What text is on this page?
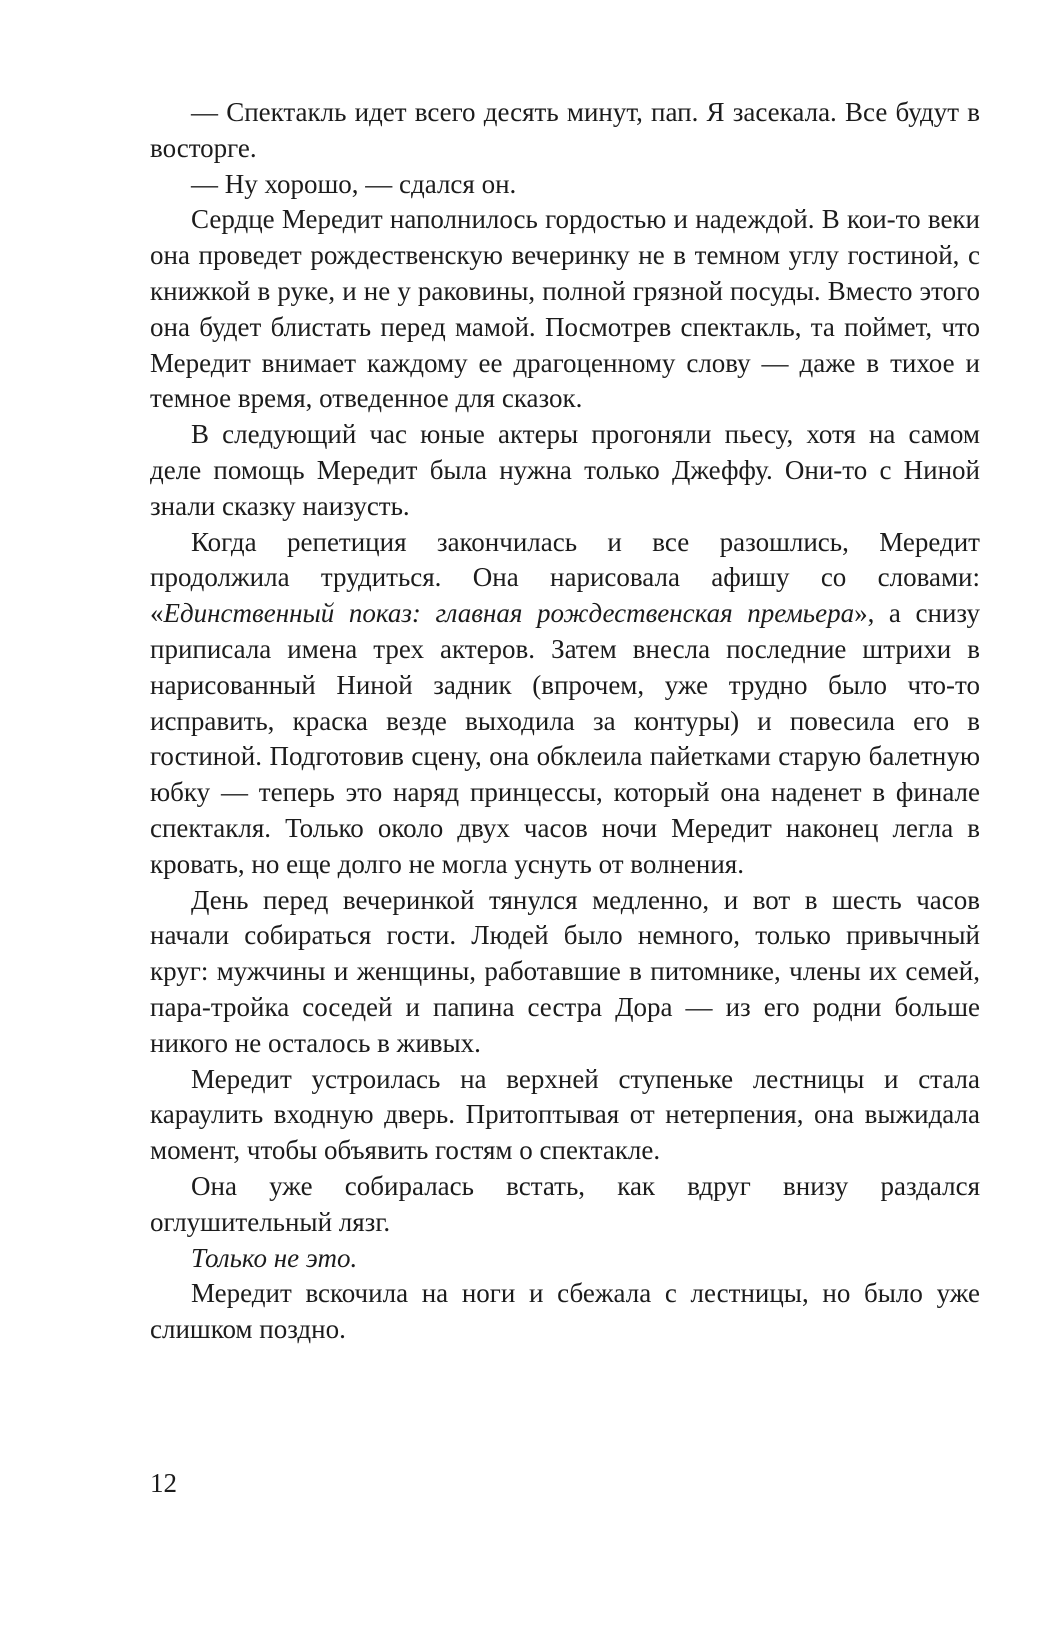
— Спектакль идет всего десять минут, пап. Я засекала. Все будут в восторге.

— Ну хорошо, — сдался он.

Сердце Мередит наполнилось гордостью и надеждой. В кои-то веки она проведет рождественскую вечеринку не в темном углу гостиной, с книжкой в руке, и не у раковины, полной грязной посуды. Вместо этого она будет блистать перед мамой. Посмотрев спектакль, та поймет, что Мередит внимает каждому ее драгоценному слову — даже в тихое и темное время, отведенное для сказок.

В следующий час юные актеры прогоняли пьесу, хотя на самом деле помощь Мередит была нужна только Джеффу. Они-то с Ниной знали сказку наизусть.

Когда репетиция закончилась и все разошлись, Мередит продолжила трудиться. Она нарисовала афишу со словами: «Единственный показ: главная рождественская премьера», а снизу приписала имена трех актеров. Затем внесла последние штрихи в нарисованный Ниной задник (впрочем, уже трудно было что-то исправить, краска везде выходила за контуры) и повесила его в гостиной. Подготовив сцену, она обклеила пайетками старую балетную юбку — теперь это наряд принцессы, который она наденет в финале спектакля. Только около двух часов ночи Мередит наконец легла в кровать, но еще долго не могла уснуть от волнения.

День перед вечеринкой тянулся медленно, и вот в шесть часов начали собираться гости. Людей было немного, только привычный круг: мужчины и женщины, работавшие в питомнике, члены их семей, пара-тройка соседей и папина сестра Дора — из его родни больше никого не осталось в живых.

Мередит устроилась на верхней ступеньке лестницы и стала караулить входную дверь. Притоптывая от нетерпения, она выжидала момент, чтобы объявить гостям о спектакле.

Она уже собиралась встать, как вдруг внизу раздался оглушительный лязг.

Только не это.

Мередит вскочила на ноги и сбежала с лестницы, но было уже слишком поздно.

12
